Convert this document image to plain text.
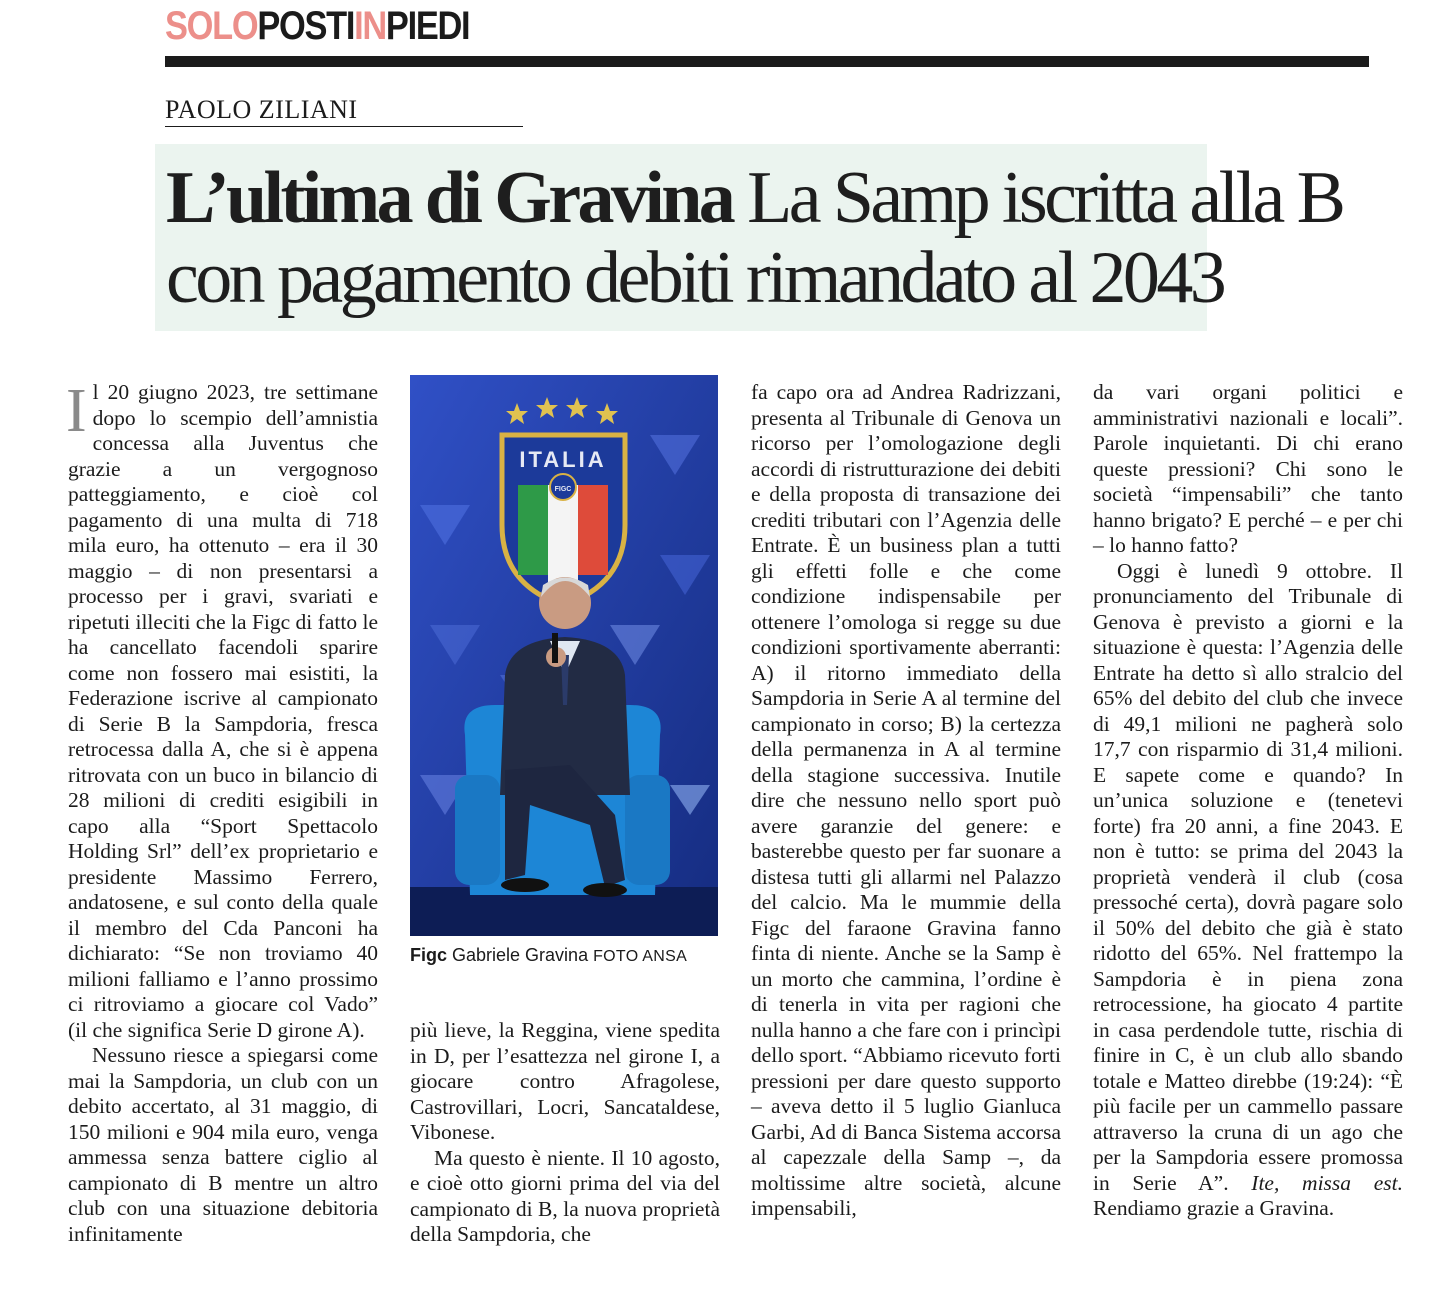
SOLOPOSTIINPIEDI
PAOLO ZILIANI
L’ultima di Gravina La Samp iscritta alla B
con pagamento debiti rimandato al 2043

Il 20 giugno 2023, tre settimane dopo lo scempio dell’amnistia concessa alla Juventus che grazie a un vergognoso patteggiamento, e cioè col pagamento di una multa di 718 mila euro, ha ottenuto – era il 30 maggio – di non presentarsi a processo per i gravi, svariati e ripetuti illeciti che la Figc di fatto le ha cancellato facendoli sparire come non fossero mai esistiti, la Federazione iscrive al campionato di Serie B la Sampdoria, fresca retrocessa dalla A, che si è appena ritrovata con un buco in bilancio di 28 milioni di crediti esigibili in capo alla “Sport Spettacolo Holding Srl” dell’ex proprietario e presidente Massimo Ferrero, andatosene, e sul conto della quale il membro del Cda Panconi ha dichiarato: “Se non troviamo 40 milioni falliamo e l’anno prossimo ci ritroviamo a giocare col Vado” (il che significa Serie D girone A).

Nessuno riesce a spiegarsi come mai la Sampdoria, un club con un debito accertato, al 31 maggio, di 150 milioni e 904 mila euro, venga ammessa senza battere ciglio al campionato di B mentre un altro club con una situazione debitoria infinitamente

ITALIA
FIGC
Figc Gabriele Gravina FOTO ANSA

più lieve, la Reggina, viene spedita in D, per l’esattezza nel girone I, a giocare contro Afragolese, Castrovillari, Locri, Sancataldese, Vibonese.

Ma questo è niente. Il 10 agosto, e cioè otto giorni prima del via del campionato di B, la nuova proprietà della Sampdoria, che

fa capo ora ad Andrea Radrizzani, presenta al Tribunale di Genova un ricorso per l’omologazione degli accordi di ristrutturazione dei debiti e della proposta di transazione dei crediti tributari con l’Agenzia delle Entrate. È un business plan a tutti gli effetti folle e che come condizione indispensabile per ottenere l’omologa si regge su due condizioni sportivamente aberranti: A) il ritorno immediato della Sampdoria in Serie A al termine del campionato in corso; B) la certezza della permanenza in A al termine della stagione successiva. Inutile dire che nessuno nello sport può avere garanzie del genere: e basterebbe questo per far suonare a distesa tutti gli allarmi nel Palazzo del calcio. Ma le mummie della Figc del faraone Gravina fanno finta di niente. Anche se la Samp è un morto che cammina, l’ordine è di tenerla in vita per ragioni che nulla hanno a che fare con i princìpi dello sport. “Abbiamo ricevuto forti pressioni per dare questo supporto – aveva detto il 5 luglio Gianluca Garbi, Ad di Banca Sistema accorsa al capezzale della Samp –, da moltissime altre società, alcune impensabili,

da vari organi politici e amministrativi nazionali e locali”. Parole inquietanti. Di chi erano queste pressioni? Chi sono le società “impensabili” che tanto hanno brigato? E perché – e per chi – lo hanno fatto?

Oggi è lunedì 9 ottobre. Il pronunciamento del Tribunale di Genova è previsto a giorni e la situazione è questa: l’Agenzia delle Entrate ha detto sì allo stralcio del 65% del debito del club che invece di 49,1 milioni ne pagherà solo 17,7 con risparmio di 31,4 milioni. E sapete come e quando? In un’unica soluzione e (tenetevi forte) fra 20 anni, a fine 2043. E non è tutto: se prima del 2043 la proprietà venderà il club (cosa pressoché certa), dovrà pagare solo il 50% del debito che già è stato ridotto del 65%. Nel frattempo la Sampdoria è in piena zona retrocessione, ha giocato 4 partite in casa perdendole tutte, rischia di finire in C, è un club allo sbando totale e Matteo direbbe (19:24): “È più facile per un cammello passare attraverso la cruna di un ago che per la Sampdoria essere promossa in Serie A”. Ite, missa est. Rendiamo grazie a Gravina.
